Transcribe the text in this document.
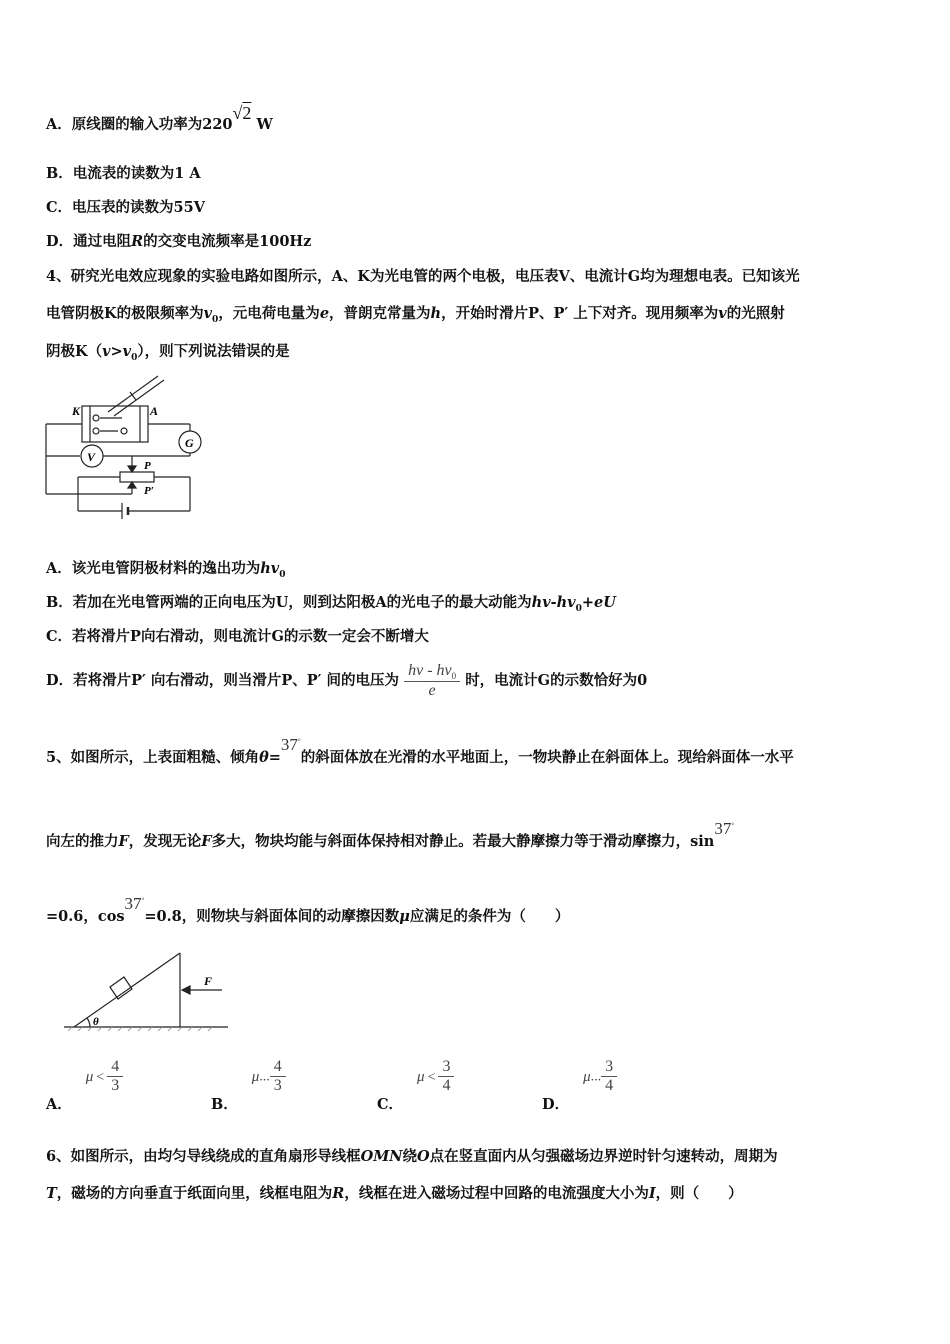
A．原线圈的输入功率为220√2 W
B．电流表的读数为1 A
C．电压表的读数为55V
D．通过电阻R的交变电流频率是100Hz
4、研究光电效应现象的实验电路如图所示，A、K为光电管的两个电极，电压表V、电流计G均为理想电表。已知该光
电管阴极K的极限频率为$v_0$，元电荷电量为e，普朗克常量为h，开始时滑片P、P′ 上下对齐。现用频率为v的光照射
阴极$K(v>v_0)$，则下列说法错误的是
K	A
G
V
P
P′
A．该光电管阴极材料的逸出功为$hv_0$
B．若加在光电管两端的正向电压为U，则到达阳极A的光电子的最大动能为$hv-hv_0+eU$
C．若将滑片P向右滑动，则电流计G的示数一定会不断增大
D．若将滑片P′ 向右滑动，则当滑片P、P′ 间的电压为 $\frac{hv - hv_0}{e}$ 时，电流计G的示数恰好为0
5、如图所示，上表面粗糙、倾角θ=37°的斜面体放在光滑的水平地面上，一物块静止在斜面体上。现给斜面体一水平
向左的推力F，发现无论F多大，物块均能与斜面体保持相对静止。若最大静摩擦力等于滑动摩擦力，sin37°
=0.6，cos37°=0.8，则物块与斜面体间的动摩擦因数μ应满足的条件为（　　）
F
θ
A．$\mu < \frac{4}{3}$
B．μ... $\frac{4}{3}$
C．$\mu < \frac{3}{4}$
D．μ... $\frac{3}{4}$
6、如图所示，由均匀导线绕成的直角扇形导线框OMN绕O点在竖直面内从匀强磁场边界逆时针匀速转动，周期为
T，磁场的方向垂直于纸面向里，线框电阻为R，线框在进入磁场过程中回路的电流强度大小为I，则（　　）
